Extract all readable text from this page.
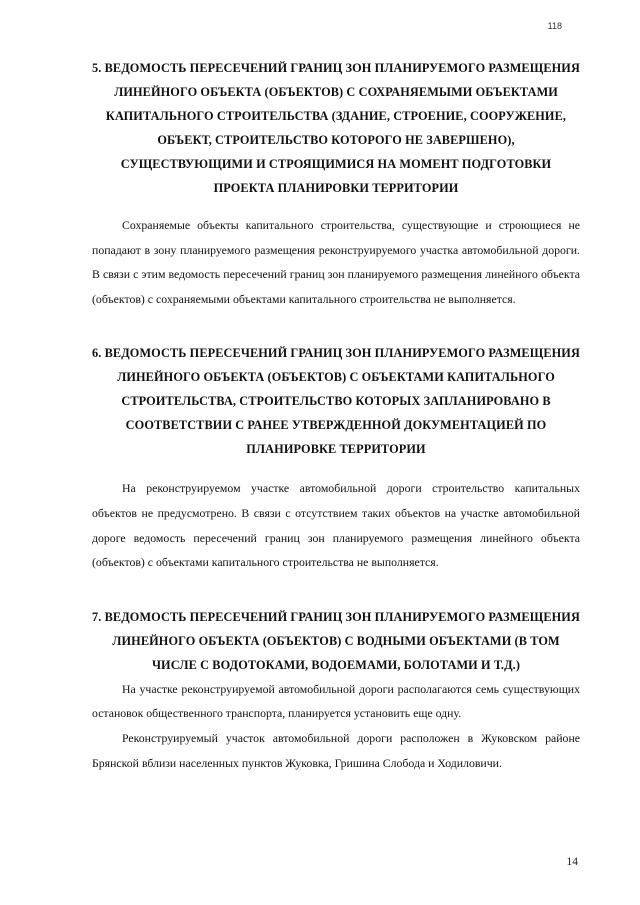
118
5. ВЕДОМОСТЬ ПЕРЕСЕЧЕНИЙ ГРАНИЦ ЗОН ПЛАНИРУЕМОГО РАЗМЕЩЕНИЯ ЛИНЕЙНОГО ОБЪЕКТА (ОБЪЕКТОВ) С СОХРАНЯЕМЫМИ ОБЪЕКТАМИ КАПИТАЛЬНОГО СТРОИТЕЛЬСТВА (ЗДАНИЕ, СТРОЕНИЕ, СООРУЖЕНИЕ, ОБЪЕКТ, СТРОИТЕЛЬСТВО КОТОРОГО НЕ ЗАВЕРШЕНО), СУЩЕСТВУЮЩИМИ И СТРОЯЩИМИСЯ НА МОМЕНТ ПОДГОТОВКИ ПРОЕКТА ПЛАНИРОВКИ ТЕРРИТОРИИ

Сохраняемые объекты капитального строительства, существующие и строющиеся не попадают в зону планируемого размещения реконструируемого участка автомобильной дороги. В связи с этим ведомость пересечений границ зон планируемого размещения линейного объекта (объектов) с сохраняемыми объектами капитального строительства не выполняется.

6. ВЕДОМОСТЬ ПЕРЕСЕЧЕНИЙ ГРАНИЦ ЗОН ПЛАНИРУЕМОГО РАЗМЕЩЕНИЯ ЛИНЕЙНОГО ОБЪЕКТА (ОБЪЕКТОВ) С ОБЪЕКТАМИ КАПИТАЛЬНОГО СТРОИТЕЛЬСТВА, СТРОИТЕЛЬСТВО КОТОРЫХ ЗАПЛАНИРОВАНО В СООТВЕТСТВИИ С РАНЕЕ УТВЕРЖДЕННОЙ ДОКУМЕНТАЦИЕЙ ПО ПЛАНИРОВКЕ ТЕРРИТОРИИ

На реконструируемом участке автомобильной дороги строительство капитальных объектов не предусмотрено. В связи с отсутствием таких объектов на участке автомобильной дороге ведомость пересечений границ зон планируемого размещения линейного объекта (объектов) с объектами капитального строительства не выполняется.

7. ВЕДОМОСТЬ ПЕРЕСЕЧЕНИЙ ГРАНИЦ ЗОН ПЛАНИРУЕМОГО РАЗМЕЩЕНИЯ ЛИНЕЙНОГО ОБЪЕКТА (ОБЪЕКТОВ) С ВОДНЫМИ ОБЪЕКТАМИ (В ТОМ ЧИСЛЕ С ВОДОТОКАМИ, ВОДОЕМАМИ, БОЛОТАМИ И Т.Д.)

На участке реконструируемой автомобильной дороги располагаются семь существующих остановок общественного транспорта, планируется установить еще одну.

Реконструируемый участок автомобильной дороги расположен в Жуковском районе Брянской вблизи населенных пунктов Жуковка, Гришина Слобода и Ходиловичи.

14
